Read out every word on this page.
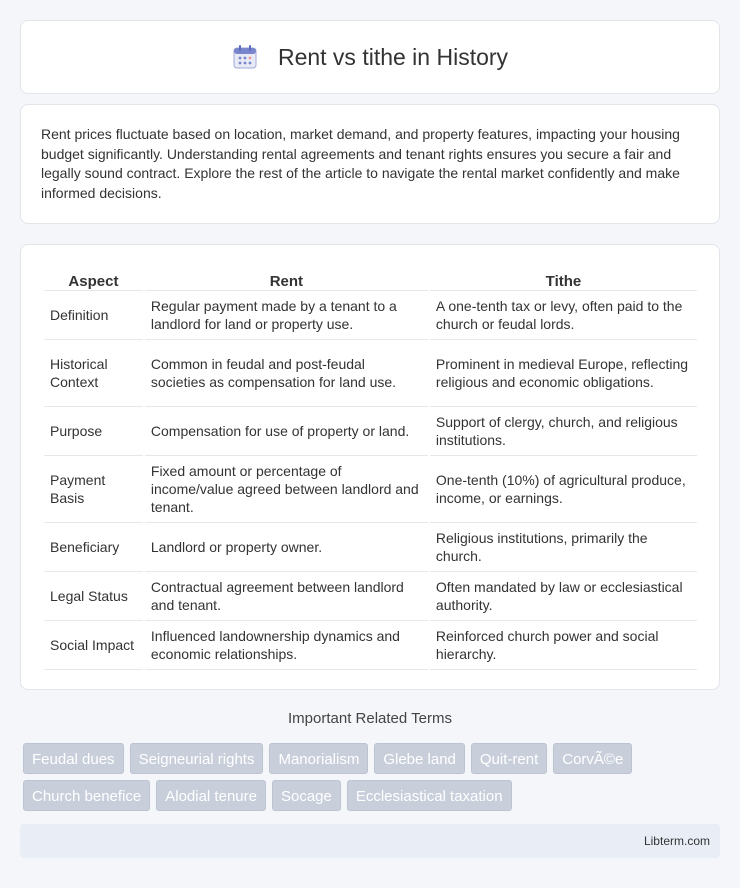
Rent vs tithe in History

Rent prices fluctuate based on location, market demand, and property features, impacting your housing budget significantly. Understanding rental agreements and tenant rights ensures you secure a fair and legally sound contract. Explore the rest of the article to navigate the rental market confidently and make informed decisions.

Aspect	Rent	Tithe
Definition	Regular payment made by a tenant to a landlord for land or property use.	A one-tenth tax or levy, often paid to the church or feudal lords.
Historical Context	Common in feudal and post-feudal societies as compensation for land use.	Prominent in medieval Europe, reflecting religious and economic obligations.
Purpose	Compensation for use of property or land.	Support of clergy, church, and religious institutions.
Payment Basis	Fixed amount or percentage of income/value agreed between landlord and tenant.	One-tenth (10%) of agricultural produce, income, or earnings.
Beneficiary	Landlord or property owner.	Religious institutions, primarily the church.
Legal Status	Contractual agreement between landlord and tenant.	Often mandated by law or ecclesiastical authority.
Social Impact	Influenced landownership dynamics and economic relationships.	Reinforced church power and social hierarchy.
Important Related Terms
Feudal dues	Seigneurial rights	Manorialism	Glebe land	Quit-rent	CorvÃ©e
Church benefice	Alodial tenure	Socage	Ecclesiastical taxation
Libterm.com
